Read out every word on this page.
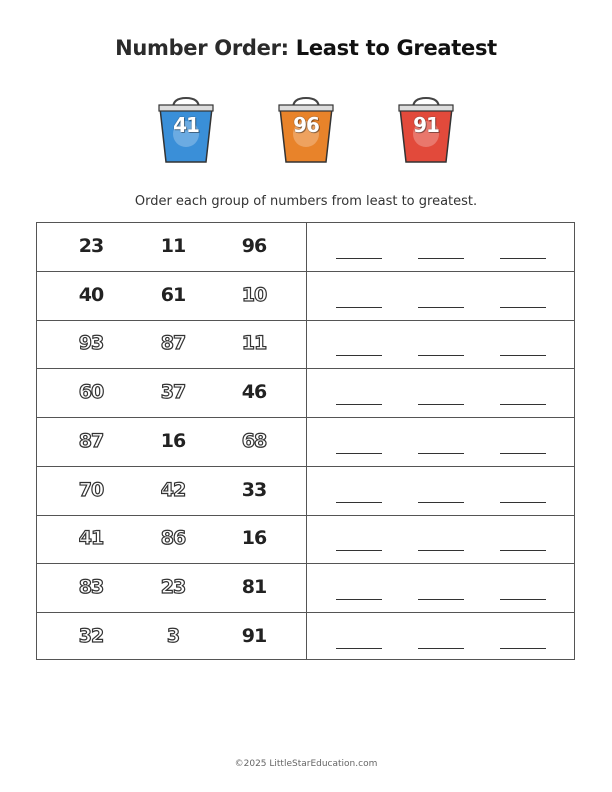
Number Order: Least to Greatest
41	96	91
Order each group of numbers from least to greatest.
23	11	96
40	61	10
93	87	11
60	37	46
87	16	68
70	42	33
41	86	16
83	23	81
32	3	91
©2025 LittleStarEducation.com
